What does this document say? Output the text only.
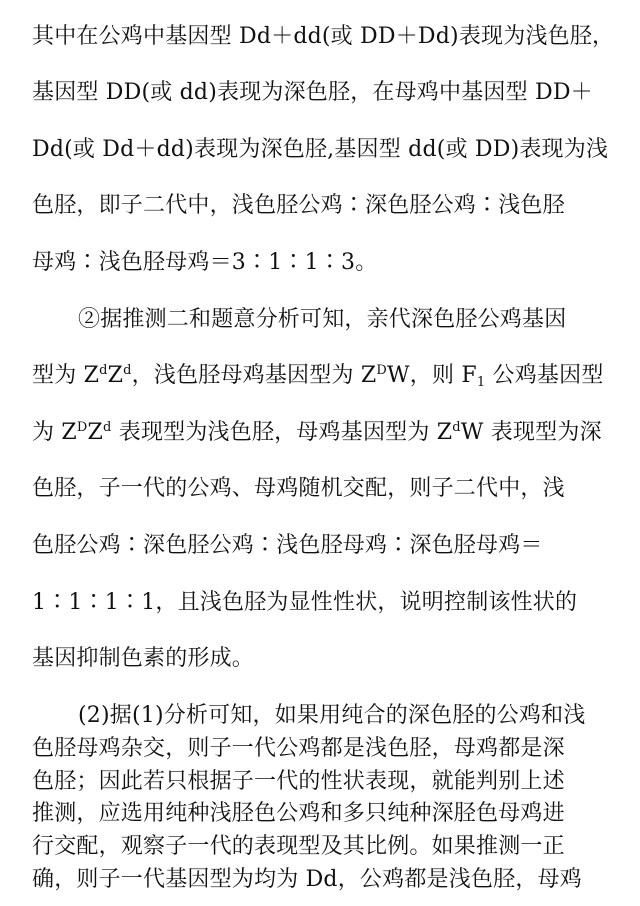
其中在公鸡中基因型 Dd＋dd(或 DD＋Dd)表现为浅色胫，
基因型 DD(或 dd)表现为深色胫，在母鸡中基因型 DD＋
Dd(或 Dd＋dd)表现为深色胫,基因型 dd(或 DD)表现为浅
色胫，即子二代中，浅色胫公鸡∶深色胫公鸡∶浅色胫
母鸡∶浅色胫母鸡＝3∶1∶1∶3。
②据推测二和题意分析可知，亲代深色胫公鸡基因
型为 $Z^dZ^d$，浅色胫母鸡基因型为 $Z^DW$，则 $F_1$ 公鸡基因型
为 $Z^DZ^d$ 表现型为浅色胫，母鸡基因型为 $Z^dW$ 表现型为深
色胫，子一代的公鸡、母鸡随机交配，则子二代中，浅
色胫公鸡∶深色胫公鸡∶浅色胫母鸡∶深色胫母鸡＝
1∶1∶1∶1，且浅色胫为显性性状，说明控制该性状的
基因抑制色素的形成。
(2)据(1)分析可知，如果用纯合的深色胫的公鸡和浅
色胫母鸡杂交，则子一代公鸡都是浅色胫，母鸡都是深
色胫；因此若只根据子一代的性状表现，就能判别上述
推测，应选用纯种浅胫色公鸡和多只纯种深胫色母鸡进
行交配，观察子一代的表现型及其比例。如果推测一正
确，则子一代基因型为均为 Dd，公鸡都是浅色胫，母鸡
